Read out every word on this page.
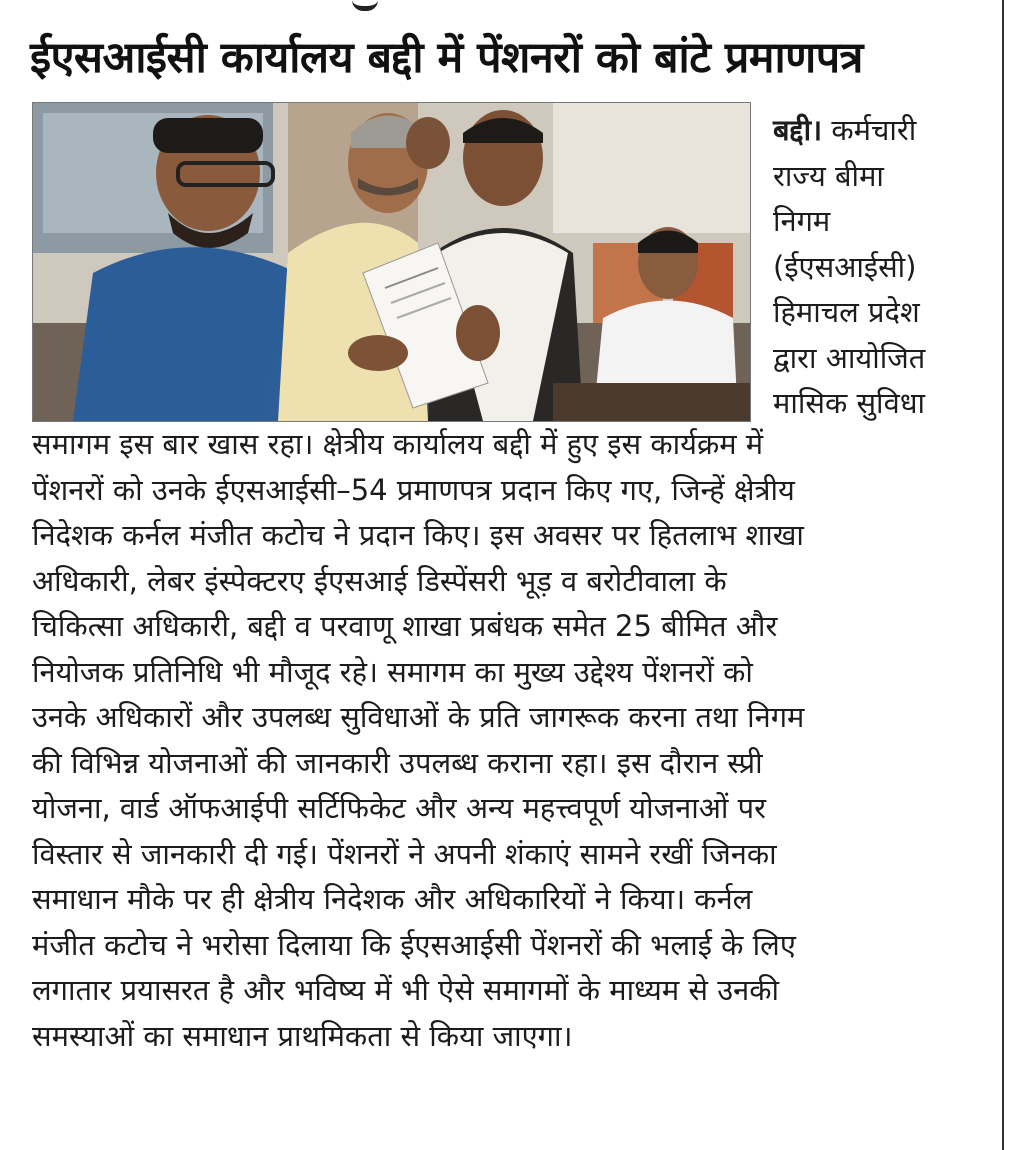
ईएसआईसी कार्यालय बद्दी में पेंशनरों को बांटे प्रमाणपत्र
बद्दी। कर्मचारी
राज्य बीमा
निगम
(ईएसआईसी)
हिमाचल प्रदेश
द्वारा आयोजित
मासिक सुविधा
समागम इस बार खास रहा। क्षेत्रीय कार्यालय बद्दी में हुए इस कार्यक्रम में
पेंशनरों को उनके ईएसआईसी–54 प्रमाणपत्र प्रदान किए गए, जिन्हें क्षेत्रीय
निदेशक कर्नल मंजीत कटोच ने प्रदान किए। इस अवसर पर हितलाभ शाखा
अधिकारी, लेबर इंस्पेक्टरए ईएसआई डिस्पेंसरी भूड़ व बरोटीवाला के
चिकित्सा अधिकारी, बद्दी व परवाणू शाखा प्रबंधक समेत 25 बीमित और
नियोजक प्रतिनिधि भी मौजूद रहे। समागम का मुख्य उद्देश्य पेंशनरों को
उनके अधिकारों और उपलब्ध सुविधाओं के प्रति जागरूक करना तथा निगम
की विभिन्न योजनाओं की जानकारी उपलब्ध कराना रहा। इस दौरान स्प्री
योजना, वार्ड ऑफआईपी सर्टिफिकेट और अन्य महत्त्वपूर्ण योजनाओं पर
विस्तार से जानकारी दी गई। पेंशनरों ने अपनी शंकाएं सामने रखीं जिनका
समाधान मौके पर ही क्षेत्रीय निदेशक और अधिकारियों ने किया। कर्नल
मंजीत कटोच ने भरोसा दिलाया कि ईएसआईसी पेंशनरों की भलाई के लिए
लगातार प्रयासरत है और भविष्य में भी ऐसे समागमों के माध्यम से उनकी
समस्याओं का समाधान प्राथमिकता से किया जाएगा।
